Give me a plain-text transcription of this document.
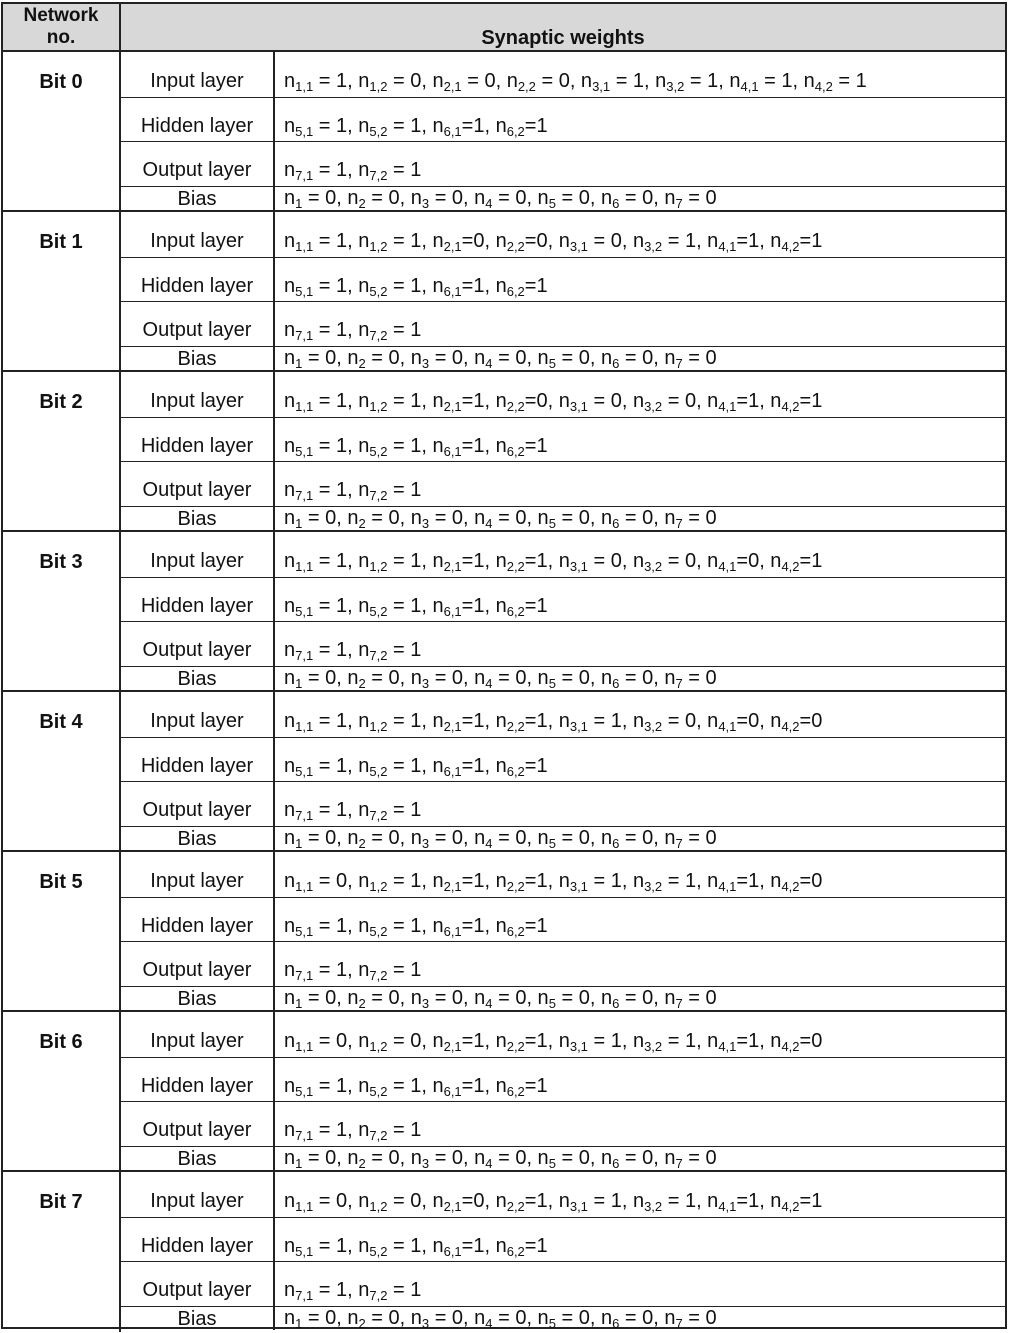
Network
no.	Synaptic weights
Bit 0	Input layer	$n_{1,1} = 1$, $n_{1,2} = 0$, $n_{2,1} = 0$, $n_{2,2} = 0$, $n_{3,1} = 1$, $n_{3,2} = 1$, $n_{4,1} = 1$, $n_{4,2} = 1$
Hidden layer	$n_{5,1} = 1$, $n_{5,2} = 1$, $n_{6,1}=1$, $n_{6,2}=1$
Output layer	$n_{7,1} = 1$, $n_{7,2} = 1$
Bias	$n_1 = 0$, $n_2 = 0$, $n_3 = 0$, $n_4 = 0$, $n_5 = 0$, $n_6 = 0$, $n_7 = 0$
Bit 1	Input layer	$n_{1,1} = 1$, $n_{1,2} = 1$, $n_{2,1}=0$, $n_{2,2}=0$, $n_{3,1} = 0$, $n_{3,2} = 1$, $n_{4,1}=1$, $n_{4,2}=1$
Hidden layer	$n_{5,1} = 1$, $n_{5,2} = 1$, $n_{6,1}=1$, $n_{6,2}=1$
Output layer	$n_{7,1} = 1$, $n_{7,2} = 1$
Bias	$n_1 = 0$, $n_2 = 0$, $n_3 = 0$, $n_4 = 0$, $n_5 = 0$, $n_6 = 0$, $n_7 = 0$
Bit 2	Input layer	$n_{1,1} = 1$, $n_{1,2} = 1$, $n_{2,1}=1$, $n_{2,2}=0$, $n_{3,1} = 0$, $n_{3,2} = 0$, $n_{4,1}=1$, $n_{4,2}=1$
Hidden layer	$n_{5,1} = 1$, $n_{5,2} = 1$, $n_{6,1}=1$, $n_{6,2}=1$
Output layer	$n_{7,1} = 1$, $n_{7,2} = 1$
Bias	$n_1 = 0$, $n_2 = 0$, $n_3 = 0$, $n_4 = 0$, $n_5 = 0$, $n_6 = 0$, $n_7 = 0$
Bit 3	Input layer	$n_{1,1} = 1$, $n_{1,2} = 1$, $n_{2,1}=1$, $n_{2,2}=1$, $n_{3,1} = 0$, $n_{3,2} = 0$, $n_{4,1}=0$, $n_{4,2}=1$
Hidden layer	$n_{5,1} = 1$, $n_{5,2} = 1$, $n_{6,1}=1$, $n_{6,2}=1$
Output layer	$n_{7,1} = 1$, $n_{7,2} = 1$
Bias	$n_1 = 0$, $n_2 = 0$, $n_3 = 0$, $n_4 = 0$, $n_5 = 0$, $n_6 = 0$, $n_7 = 0$
Bit 4	Input layer	$n_{1,1} = 1$, $n_{1,2} = 1$, $n_{2,1}=1$, $n_{2,2}=1$, $n_{3,1} = 1$, $n_{3,2} = 0$, $n_{4,1}=0$, $n_{4,2}=0$
Hidden layer	$n_{5,1} = 1$, $n_{5,2} = 1$, $n_{6,1}=1$, $n_{6,2}=1$
Output layer	$n_{7,1} = 1$, $n_{7,2} = 1$
Bias	$n_1 = 0$, $n_2 = 0$, $n_3 = 0$, $n_4 = 0$, $n_5 = 0$, $n_6 = 0$, $n_7 = 0$
Bit 5	Input layer	$n_{1,1} = 0$, $n_{1,2} = 1$, $n_{2,1}=1$, $n_{2,2}=1$, $n_{3,1} = 1$, $n_{3,2} = 1$, $n_{4,1}=1$, $n_{4,2}=0$
Hidden layer	$n_{5,1} = 1$, $n_{5,2} = 1$, $n_{6,1}=1$, $n_{6,2}=1$
Output layer	$n_{7,1} = 1$, $n_{7,2} = 1$
Bias	$n_1 = 0$, $n_2 = 0$, $n_3 = 0$, $n_4 = 0$, $n_5 = 0$, $n_6 = 0$, $n_7 = 0$
Bit 6	Input layer	$n_{1,1} = 0$, $n_{1,2} = 0$, $n_{2,1}=1$, $n_{2,2}=1$, $n_{3,1} = 1$, $n_{3,2} = 1$, $n_{4,1}=1$, $n_{4,2}=0$
Hidden layer	$n_{5,1} = 1$, $n_{5,2} = 1$, $n_{6,1}=1$, $n_{6,2}=1$
Output layer	$n_{7,1} = 1$, $n_{7,2} = 1$
Bias	$n_1 = 0$, $n_2 = 0$, $n_3 = 0$, $n_4 = 0$, $n_5 = 0$, $n_6 = 0$, $n_7 = 0$
Bit 7	Input layer	$n_{1,1} = 0$, $n_{1,2} = 0$, $n_{2,1}=0$, $n_{2,2}=1$, $n_{3,1} = 1$, $n_{3,2} = 1$, $n_{4,1}=1$, $n_{4,2}=1$
Hidden layer	$n_{5,1} = 1$, $n_{5,2} = 1$, $n_{6,1}=1$, $n_{6,2}=1$
Output layer	$n_{7,1} = 1$, $n_{7,2} = 1$
Bias	$n_1 = 0$, $n_2 = 0$, $n_3 = 0$, $n_4 = 0$, $n_5 = 0$, $n_6 = 0$, $n_7 = 0$
